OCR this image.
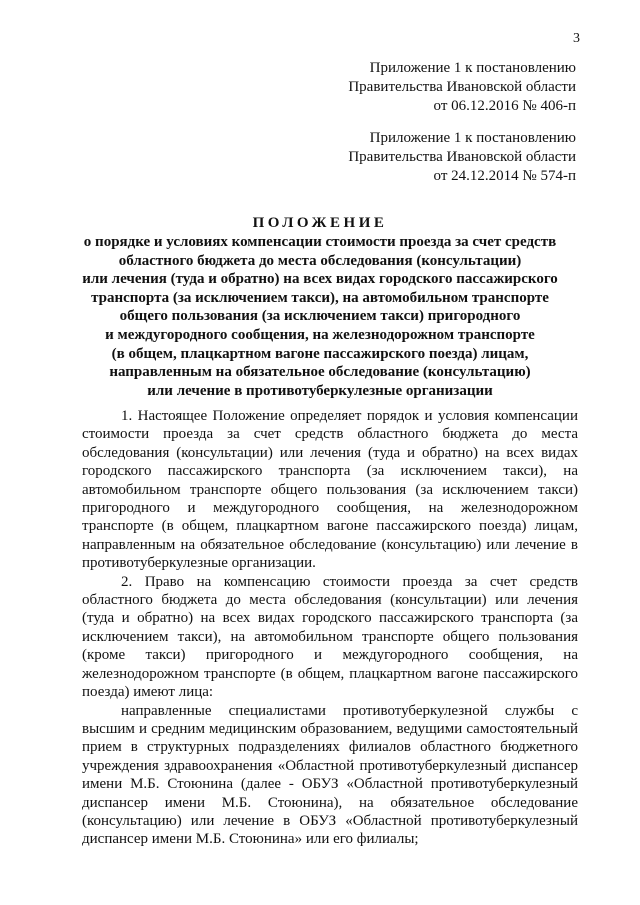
3
Приложение 1 к постановлению
Правительства Ивановской области
от 06.12.2016 № 406-п
Приложение 1 к постановлению
Правительства Ивановской области
от 24.12.2014 № 574-п
ПОЛОЖЕНИЕ
о порядке и условиях компенсации стоимости проезда за счет средств
областного бюджета до места обследования (консультации)
или лечения (туда и обратно) на всех видах городского пассажирского
транспорта (за исключением такси), на автомобильном транспорте
общего пользования (за исключением такси) пригородного
и междугородного сообщения, на железнодорожном транспорте
(в общем, плацкартном вагоне пассажирского поезда) лицам,
направленным на обязательное обследование (консультацию)
или лечение в противотуберкулезные организации

1. Настоящее Положение определяет порядок и условия компенсации стоимости проезда за счет средств областного бюджета до места обследования (консультации) или лечения (туда и обратно) на всех видах городского пассажирского транспорта (за исключением такси), на автомобильном транспорте общего пользования (за исключением такси) пригородного и междугородного сообщения, на железнодорожном транспорте (в общем, плацкартном вагоне пассажирского поезда) лицам, направленным на обязательное обследование (консультацию) или лечение в противотуберкулезные организации.

2. Право на компенсацию стоимости проезда за счет средств областного бюджета до места обследования (консультации) или лечения (туда и обратно) на всех видах городского пассажирского транспорта (за исключением такси), на автомобильном транспорте общего пользования (кроме такси) пригородного и междугородного сообщения, на железнодорожном транспорте (в общем, плацкартном вагоне пассажирского поезда) имеют лица:

направленные специалистами противотуберкулезной службы с высшим и средним медицинским образованием, ведущими самостоятельный прием в структурных подразделениях филиалов областного бюджетного учреждения здравоохранения «Областной противотуберкулезный диспансер имени М.Б. Стоюнина (далее - ОБУЗ «Областной противотуберкулезный диспансер имени М.Б. Стоюнина), на обязательное обследование (консультацию) или лечение в ОБУЗ «Областной противотуберкулезный диспансер имени М.Б. Стоюнина» или его филиалы;
